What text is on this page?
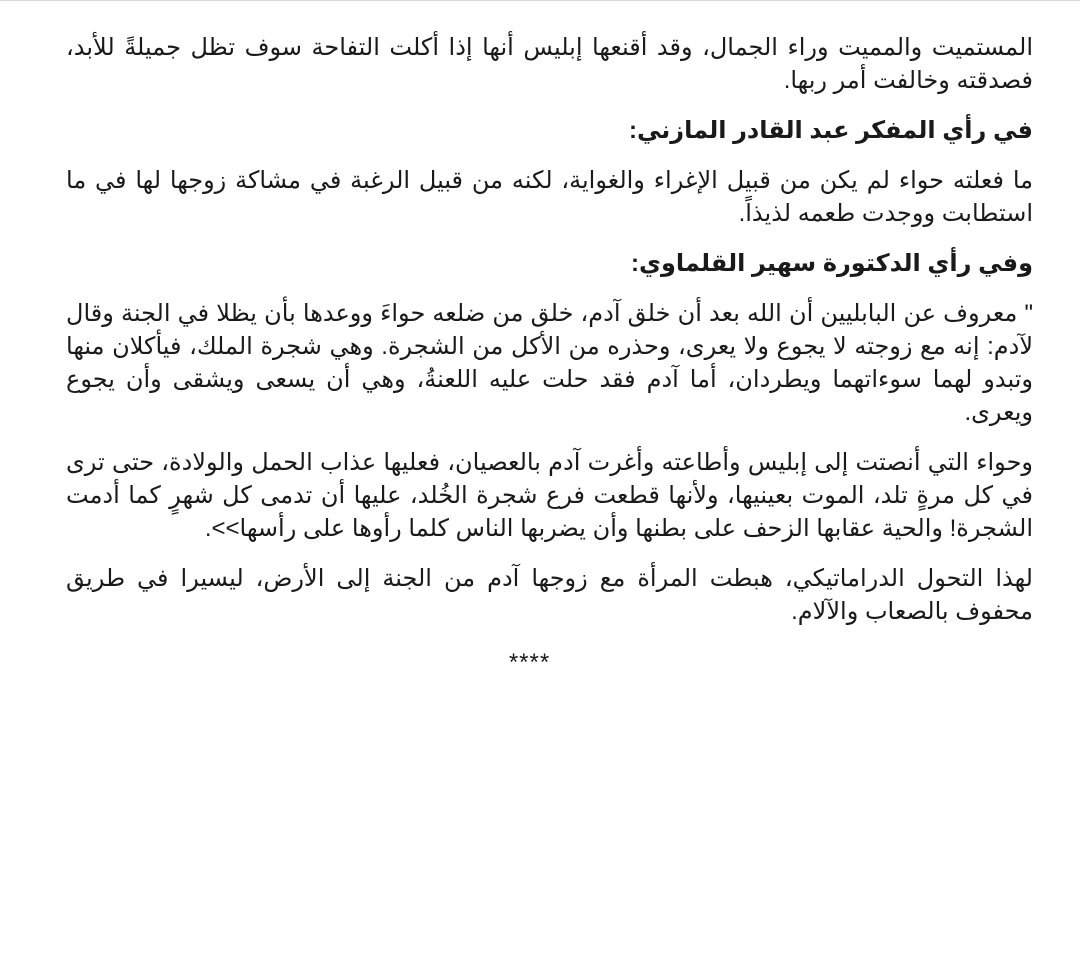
المستميت والمميت وراء الجمال، وقد أقنعها إبليس أنها إذا أكلت التفاحة سوف تظل جميلةً للأبد، فصدقته وخالفت أمر ربها.

في رأي المفكر عبد القادر المازني:

ما فعلته حواء لم يكن من قبيل الإغراء والغواية، لكنه من قبيل الرغبة في مشاكة زوجها لها في ما استطابت ووجدت طعمه لذيذاً.

وفي رأي الدكتورة سهير القلماوي:

" معروف عن البابليين أن الله بعد أن خلق آدم، خلق من ضلعه حواءَ ووعدها بأن يظلا في الجنة وقال لآدم: إنه مع زوجته لا يجوع ولا يعرى، وحذره من الأكل من الشجرة. وهي شجرة الملك، فيأكلان منها وتبدو لهما سوءاتهما ويطردان، أما آدم فقد حلت عليه اللعنةُ، وهي أن يسعى ويشقى وأن يجوع ويعرى.

وحواء التي أنصتت إلى إبليس وأطاعته وأغرت آدم بالعصيان، فعليها عذاب الحمل والولادة، حتى ترى في كل مرةٍ تلد، الموت بعينيها، ولأنها قطعت فرع شجرة الخُلد، عليها أن تدمى كل شهرٍ كما أدمت الشجرة! والحية عقابها الزحف على بطنها وأن يضربها الناس كلما رأوها على رأسها>>.

لهذا التحول الدراماتيكي، هبطت المرأة مع زوجها آدم من الجنة إلى الأرض، ليسيرا في طريق محفوف بالصعاب والآلام.

****
